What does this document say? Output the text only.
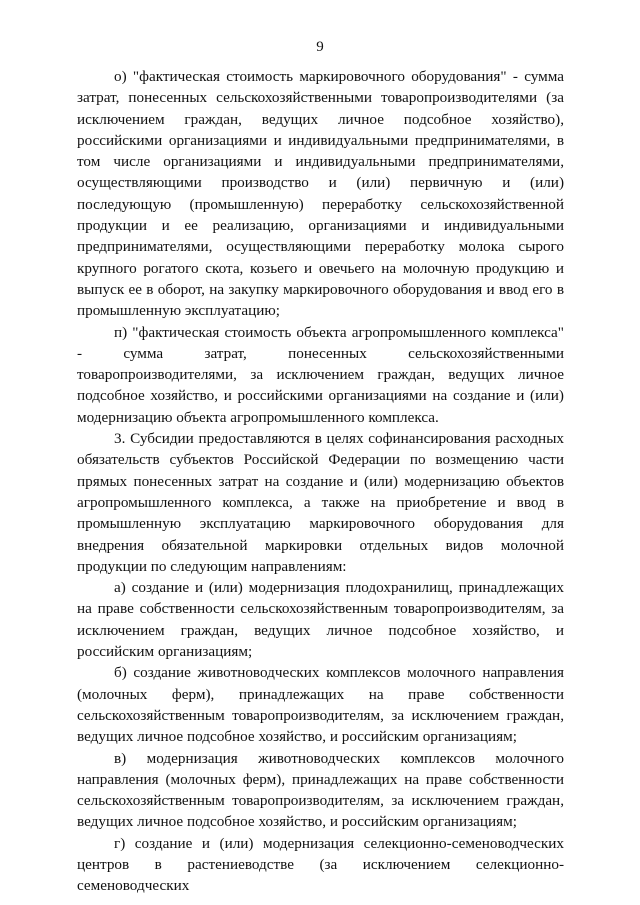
9

о) "фактическая стоимость маркировочного оборудования" - сумма затрат, понесенных сельскохозяйственными товаропроизводителями (за исключением граждан, ведущих личное подсобное хозяйство), российскими организациями и индивидуальными предпринимателями, в том числе организациями и индивидуальными предпринимателями, осуществляющими производство и (или) первичную и (или) последующую (промышленную) переработку сельскохозяйственной продукции и ее реализацию, организациями и индивидуальными предпринимателями, осуществляющими переработку молока сырого крупного рогатого скота, козьего и овечьего на молочную продукцию и выпуск ее в оборот, на закупку маркировочного оборудования и ввод его в промышленную эксплуатацию;

п) "фактическая стоимость объекта агропромышленного комплекса" - сумма затрат, понесенных сельскохозяйственными товаропроизводителями, за исключением граждан, ведущих личное подсобное хозяйство, и российскими организациями на создание и (или) модернизацию объекта агропромышленного комплекса.

3. Субсидии предоставляются в целях софинансирования расходных обязательств субъектов Российской Федерации по возмещению части прямых понесенных затрат на создание и (или) модернизацию объектов агропромышленного комплекса, а также на приобретение и ввод в промышленную эксплуатацию маркировочного оборудования для внедрения обязательной маркировки отдельных видов молочной продукции по следующим направлениям:

а) создание и (или) модернизация плодохранилищ, принадлежащих на праве собственности сельскохозяйственным товаропроизводителям, за исключением граждан, ведущих личное подсобное хозяйство, и российским организациям;

б) создание животноводческих комплексов молочного направления (молочных ферм), принадлежащих на праве собственности сельскохозяйственным товаропроизводителям, за исключением граждан, ведущих личное подсобное хозяйство, и российским организациям;

в) модернизация животноводческих комплексов молочного направления (молочных ферм), принадлежащих на праве собственности сельскохозяйственным товаропроизводителям, за исключением граждан, ведущих личное подсобное хозяйство, и российским организациям;

г) создание и (или) модернизация селекционно-семеноводческих центров в растениеводстве (за исключением селекционно-семеноводческих
